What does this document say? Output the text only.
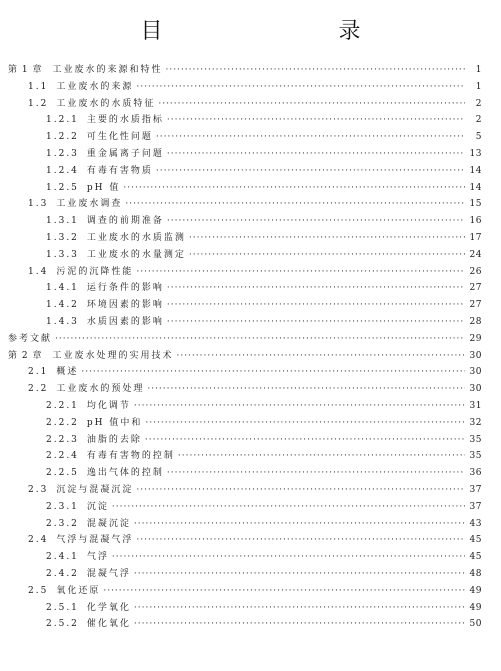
目　　录
第 1 章 工业废水的来源和特性 ·····	1
1.1 工业废水的来源 ·····	1
1.2 工业废水的水质特征 ·····	2
1.2.1 主要的水质指标 ·····	2
1.2.2 可生化性问题 ·····	5
1.2.3 重金属离子问题 ·····	13
1.2.4 有毒有害物质 ·····	14
1.2.5 pH 值 ·····	14
1.3 工业废水调查 ·····	15
1.3.1 调查的前期准备 ·····	16
1.3.2 工业废水的水质监测 ·····	17
1.3.3 工业废水的水量测定 ·····	24
1.4 污泥的沉降性能 ·····	26
1.4.1 运行条件的影响 ·····	27
1.4.2 环境因素的影响 ·····	27
1.4.3 水质因素的影响 ·····	28
参考文献 ·····	29
第 2 章 工业废水处理的实用技术 ·····	30
2.1 概述 ·····	30
2.2 工业废水的预处理 ·····	30
2.2.1 均化调节 ·····	31
2.2.2 pH 值中和 ·····	32
2.2.3 油脂的去除 ·····	35
2.2.4 有毒有害物的控制 ·····	35
2.2.5 逸出气体的控制 ·····	36
2.3 沉淀与混凝沉淀 ·····	37
2.3.1 沉淀 ·····	37
2.3.2 混凝沉淀 ·····	43
2.4 气浮与混凝气浮 ·····	45
2.4.1 气浮 ·····	45
2.4.2 混凝气浮 ·····	48
2.5 氧化还原 ·····	49
2.5.1 化学氧化 ·····	49
2.5.2 催化氧化 ·····	50
